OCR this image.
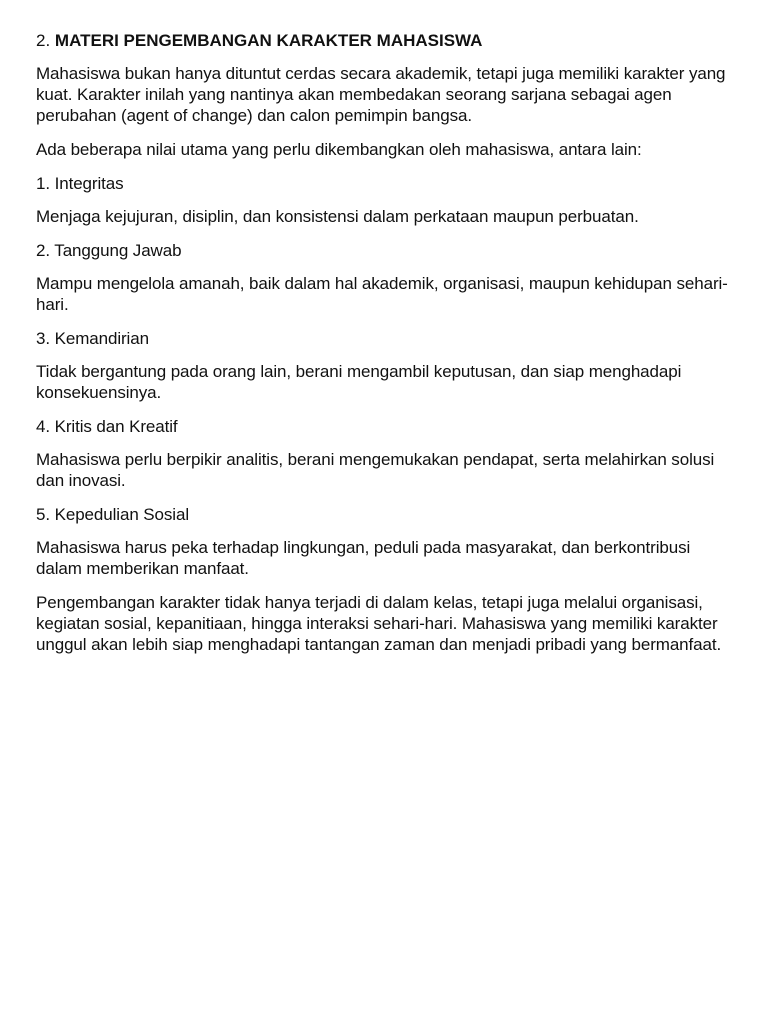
2. MATERI PENGEMBANGAN KARAKTER MAHASISWA

Mahasiswa bukan hanya dituntut cerdas secara akademik, tetapi juga memiliki karakter yang kuat. Karakter inilah yang nantinya akan membedakan seorang sarjana sebagai agen perubahan (agent of change) dan calon pemimpin bangsa.

Ada beberapa nilai utama yang perlu dikembangkan oleh mahasiswa, antara lain:

1. Integritas

Menjaga kejujuran, disiplin, dan konsistensi dalam perkataan maupun perbuatan.

2. Tanggung Jawab

Mampu mengelola amanah, baik dalam hal akademik, organisasi, maupun kehidupan sehari-hari.

3. Kemandirian

Tidak bergantung pada orang lain, berani mengambil keputusan, dan siap menghadapi konsekuensinya.

4. Kritis dan Kreatif

Mahasiswa perlu berpikir analitis, berani mengemukakan pendapat, serta melahirkan solusi dan inovasi.

5. Kepedulian Sosial

Mahasiswa harus peka terhadap lingkungan, peduli pada masyarakat, dan berkontribusi dalam memberikan manfaat.

Pengembangan karakter tidak hanya terjadi di dalam kelas, tetapi juga melalui organisasi, kegiatan sosial, kepanitiaan, hingga interaksi sehari-hari. Mahasiswa yang memiliki karakter unggul akan lebih siap menghadapi tantangan zaman dan menjadi pribadi yang bermanfaat.
